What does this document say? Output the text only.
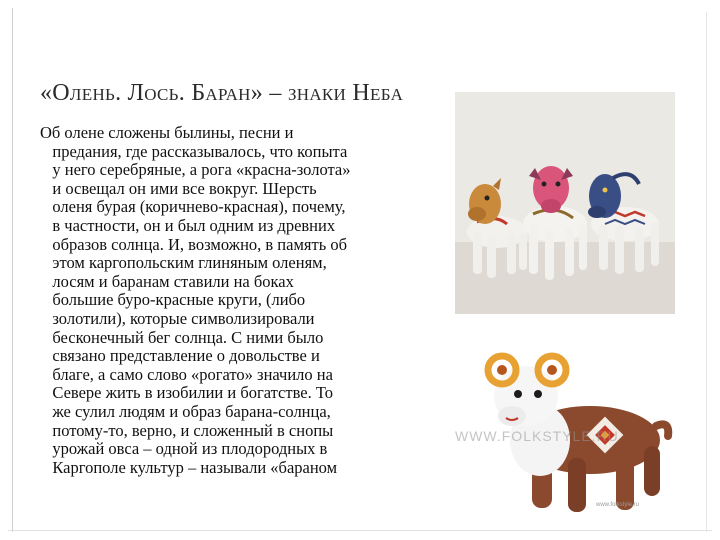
«Олень. Лось. Баран» – знаки Неба
Об олене сложены былины, песни и
предания, где рассказывалось, что копыта
у него серебряные, а рога «красна-золота»
и освещал он ими все вокруг. Шерсть
оленя бурая (коричнево-красная), почему,
в частности, он и был одним из древних
образов солнца. И, возможно, в память об
этом каргопольским глиняным оленям,
лосям и баранам ставили на боках
большие буро-красные круги, (либо
золотили), которые символизировали
бесконечный бег солнца. С ними было
связано представление о довольстве и
благе, а само слово «рогато» значило на
Севере жить в изобилии и богатстве. То
же сулил людям и образ барана-солнца,
потому-то, верно, и сложенный в снопы
урожай овса – одной из плодородных в
Каргополе культур – называли «бараном
WWW.FOLKSTYLE.RU
www.folkstyle.ru
